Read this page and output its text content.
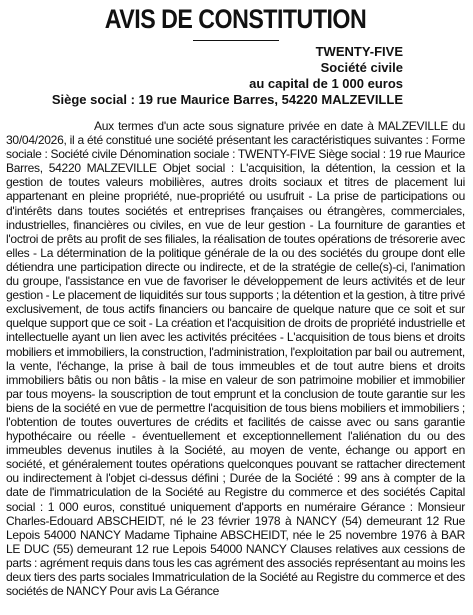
AVIS DE CONSTITUTION
TWENTY-FIVE
Société civile
au capital de 1 000 euros
Siège social : 19 rue Maurice Barres, 54220 MALZEVILLE

Aux termes d'un acte sous signature privée en date à MALZEVILLE du 30/04/2026, il a été constitué une société présentant les caractéristiques suivantes : Forme sociale : Société civile Dénomination sociale : TWENTY-FIVE Siège social : 19 rue Maurice Barres, 54220 MALZEVILLE Objet social : L'acquisition, la détention, la cession et la gestion de toutes valeurs mobilières, autres droits sociaux et titres de placement lui appartenant en pleine propriété, nue-propriété ou usufruit - La prise de participations ou d'intérêts dans toutes sociétés et entreprises françaises ou étrangères, commerciales, industrielles, financières ou civiles, en vue de leur gestion - La fourniture de garanties et l'octroi de prêts au profit de ses filiales, la réalisation de toutes opérations de trésorerie avec elles - La détermination de la politique générale de la ou des sociétés du groupe dont elle détiendra une participation directe ou indirecte, et de la stratégie de celle(s)-ci, l'animation du groupe, l'assistance en vue de favoriser le développement de leurs activités et de leur gestion - Le placement de liquidités sur tous supports ; la détention et la gestion, à titre privé exclusivement, de tous actifs financiers ou bancaire de quelque nature que ce soit et sur quelque support que ce soit - La création et l'acquisition de droits de propriété industrielle et intellectuelle ayant un lien avec les activités précitées - L'acquisition de tous biens et droits mobiliers et immobiliers, la construction, l'administration, l'exploitation par bail ou autrement, la vente, l'échange, la prise à bail de tous immeubles et de tout autre biens et droits immobiliers bâtis ou non bâtis - la mise en valeur de son patrimoine mobilier et immobilier par tous moyens- la souscription de tout emprunt et la conclusion de toute garantie sur les biens de la société en vue de permettre l'acquisition de tous biens mobiliers et immobiliers ; l'obtention de toutes ouvertures de crédits et facilités de caisse avec ou sans garantie hypothécaire ou réelle - éventuellement et exceptionnellement l'aliénation du ou des immeubles devenus inutiles à la Société, au moyen de vente, échange ou apport en société, et généralement toutes opérations quelconques pouvant se rattacher directement ou indirectement à l'objet ci-dessus défini ; Durée de la Société : 99 ans à compter de la date de l'immatriculation de la Société au Registre du commerce et des sociétés Capital social : 1 000 euros, constitué uniquement d'apports en numéraire Gérance : Monsieur Charles-Edouard ABSCHEIDT, né le 23 février 1978 à NANCY (54) demeurant 12 Rue Lepois 54000 NANCY Madame Tiphaine ABSCHEIDT, née le 25 novembre 1976 à BAR LE DUC (55) demeurant 12 rue Lepois 54000 NANCY Clauses relatives aux cessions de parts : agrément requis dans tous les cas agrément des associés représentant au moins les deux tiers des parts sociales Immatriculation de la Société au Registre du commerce et des sociétés de NANCY Pour avis La Gérance
